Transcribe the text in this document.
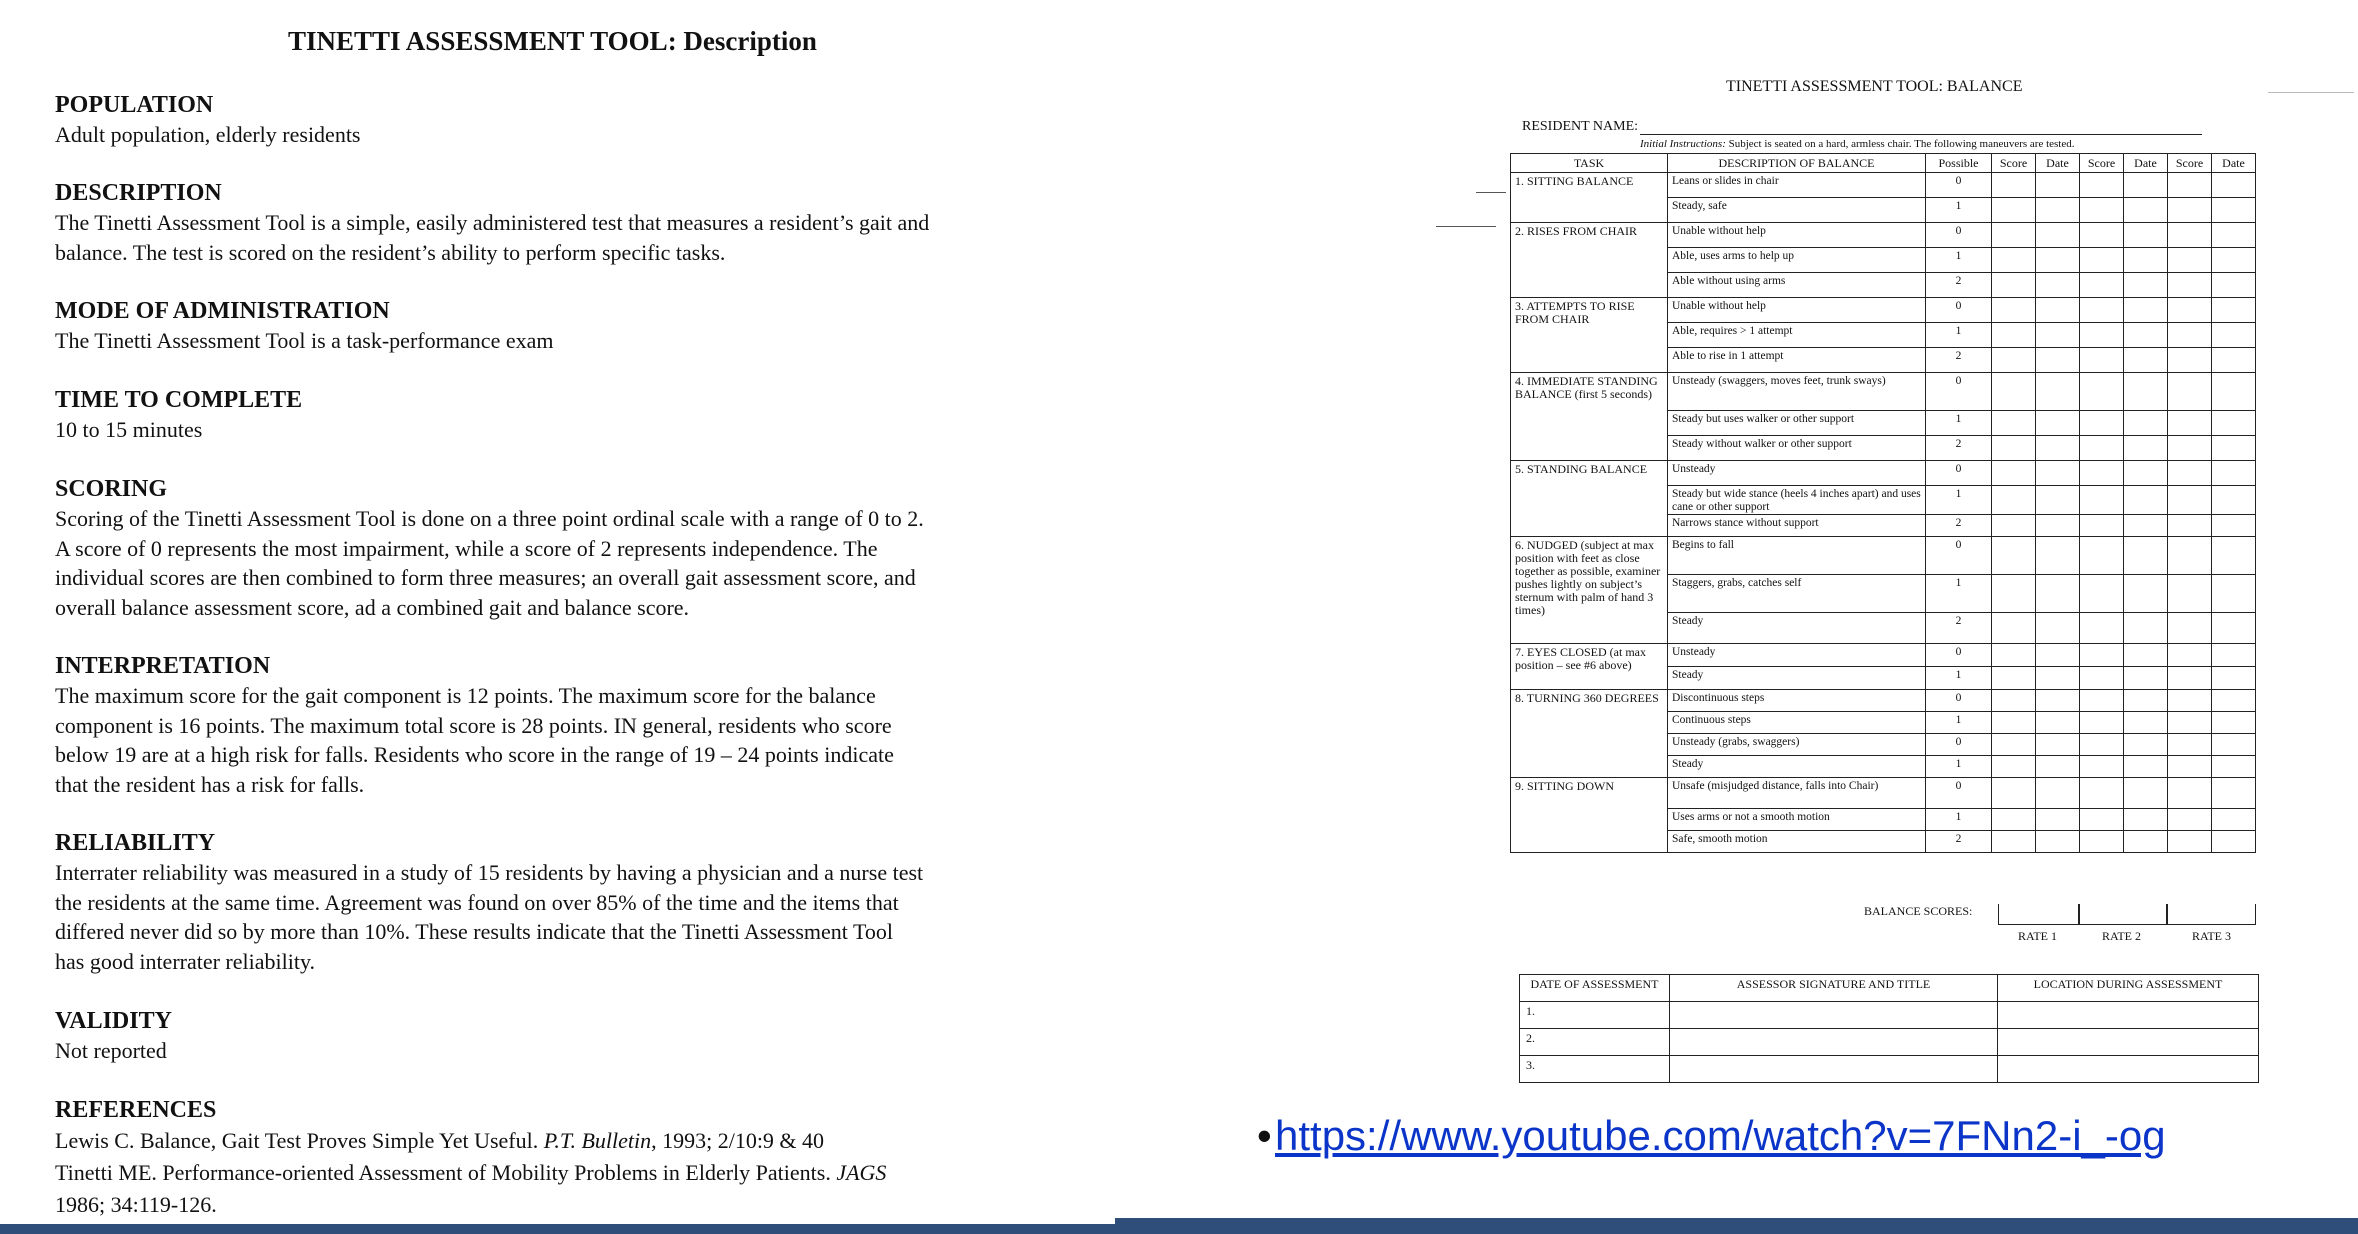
TINETTI ASSESSMENT TOOL: Description
POPULATION
Adult population, elderly residents
DESCRIPTION
The Tinetti Assessment Tool is a simple, easily administered test that measures a resident’s gait and
balance. The test is scored on the resident’s ability to perform specific tasks.
MODE OF ADMINISTRATION
The Tinetti Assessment Tool is a task-performance exam
TIME TO COMPLETE
10 to 15 minutes
SCORING
Scoring of the Tinetti Assessment Tool is done on a three point ordinal scale with a range of 0 to 2.
A score of 0 represents the most impairment, while a score of 2 represents independence. The
individual scores are then combined to form three measures; an overall gait assessment score, and
overall balance assessment score, ad a combined gait and balance score.
INTERPRETATION
The maximum score for the gait component is 12 points. The maximum score for the balance
component is 16 points. The maximum total score is 28 points. IN general, residents who score
below 19 are at a high risk for falls. Residents who score in the range of 19 – 24 points indicate
that the resident has a risk for falls.
RELIABILITY
Interrater reliability was measured in a study of 15 residents by having a physician and a nurse test
the residents at the same time. Agreement was found on over 85% of the time and the items that
differed never did so by more than 10%. These results indicate that the Tinetti Assessment Tool
has good interrater reliability.
VALIDITY
Not reported
REFERENCES
Lewis C. Balance, Gait Test Proves Simple Yet Useful. P.T. Bulletin, 1993; 2/10:9 & 40
Tinetti ME. Performance-oriented Assessment of Mobility Problems in Elderly Patients. JAGS
1986; 34:119-126.
TINETTI ASSESSMENT TOOL: BALANCE
RESIDENT NAME:
Initial Instructions: Subject is seated on a hard, armless chair. The following maneuvers are tested.
TASK	DESCRIPTION OF BALANCE	Possible	Score	Date	Score	Date	Score	Date
1. SITTING BALANCE	Leans or slides in chair	0						
	Steady, safe	1						
2. RISES FROM CHAIR	Unable without help	0						
	Able, uses arms to help up	1						
	Able without using arms	2						
3. ATTEMPTS TO RISE FROM CHAIR	Unable without help	0						
	Able, requires > 1 attempt	1						
	Able to rise in 1 attempt	2						
4. IMMEDIATE STANDING BALANCE (first 5 seconds)	Unsteady (swaggers, moves feet, trunk sways)	0						
	Steady but uses walker or other support	1						
	Steady without walker or other support	2						
5. STANDING BALANCE	Unsteady	0						
	Steady but wide stance (heels 4 inches apart) and uses cane or other support	1						
	Narrows stance without support	2						
6. NUDGED (subject at max position with feet as close together as possible, examiner pushes lightly on subject’s sternum with palm of hand 3 times)	Begins to fall	0						
	Staggers, grabs, catches self	1						
	Steady	2						
7. EYES CLOSED (at max position – see #6 above)	Unsteady	0						
	Steady	1						
8. TURNING 360 DEGREES	Discontinuous steps	0						
	Continuous steps	1						
	Unsteady (grabs, swaggers)	0						
	Steady	1						
9. SITTING DOWN	Unsafe (misjudged distance, falls into Chair)	0						
	Uses arms or not a smooth motion	1						
	Safe, smooth motion	2						
BALANCE SCORES:
RATE 1	RATE 2	RATE 3
DATE OF ASSESSMENT	ASSESSOR SIGNATURE AND TITLE	LOCATION DURING ASSESSMENT
1.		
2.		
3.		
• https://www.youtube.com/watch?v=7FNn2-i_-og
